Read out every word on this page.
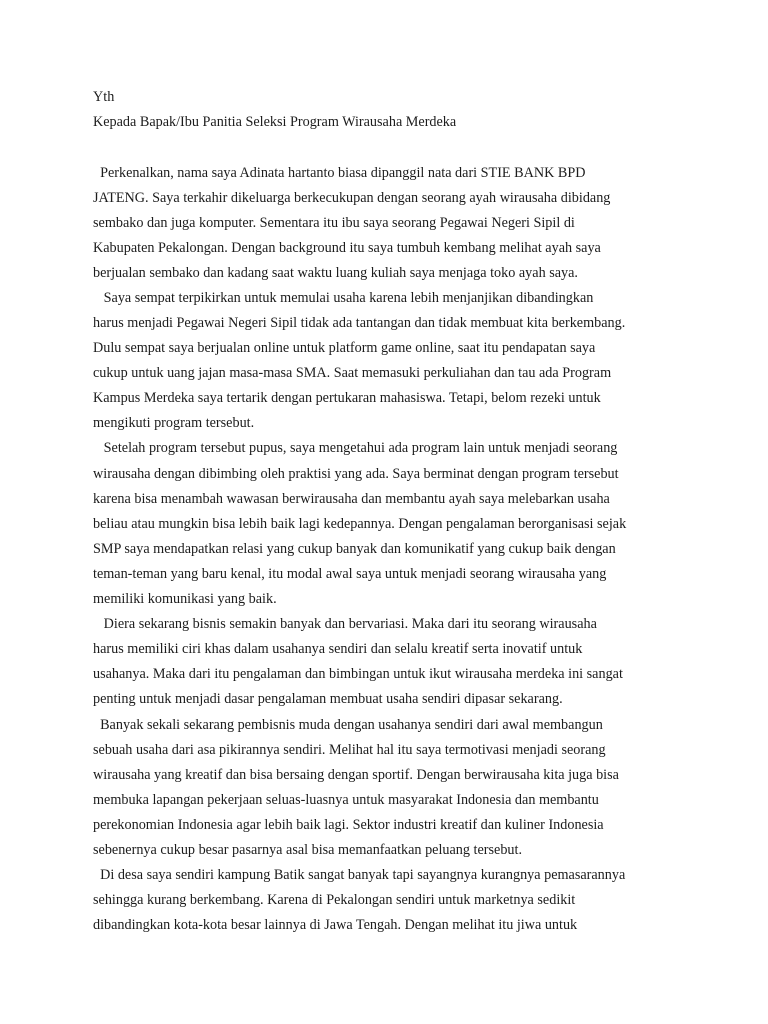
Yth
Kepada Bapak/Ibu Panitia Seleksi Program Wirausaha Merdeka
Perkenalkan, nama saya Adinata hartanto biasa dipanggil nata dari STIE BANK BPD
JATENG. Saya terkahir dikeluarga berkecukupan dengan seorang ayah wirausaha dibidang
sembako dan juga komputer. Sementara itu ibu saya seorang Pegawai Negeri Sipil di
Kabupaten Pekalongan. Dengan background itu saya tumbuh kembang melihat ayah saya
berjualan sembako dan kadang saat waktu luang kuliah saya menjaga toko ayah saya.
Saya sempat terpikirkan untuk memulai usaha karena lebih menjanjikan dibandingkan
harus menjadi Pegawai Negeri Sipil tidak ada tantangan dan tidak membuat kita berkembang.
Dulu sempat saya berjualan online untuk platform game online, saat itu pendapatan saya
cukup untuk uang jajan masa-masa SMA. Saat memasuki perkuliahan dan tau ada Program
Kampus Merdeka saya tertarik dengan pertukaran mahasiswa. Tetapi, belom rezeki untuk
mengikuti program tersebut.
Setelah program tersebut pupus, saya mengetahui ada program lain untuk menjadi seorang
wirausaha dengan dibimbing oleh praktisi yang ada. Saya berminat dengan program tersebut
karena bisa menambah wawasan berwirausaha dan membantu ayah saya melebarkan usaha
beliau atau mungkin bisa lebih baik lagi kedepannya. Dengan pengalaman berorganisasi sejak
SMP saya mendapatkan relasi yang cukup banyak dan komunikatif yang cukup baik dengan
teman-teman yang baru kenal, itu modal awal saya untuk menjadi seorang wirausaha yang
memiliki komunikasi yang baik.
Diera sekarang bisnis semakin banyak dan bervariasi. Maka dari itu seorang wirausaha
harus memiliki ciri khas dalam usahanya sendiri dan selalu kreatif serta inovatif untuk
usahanya. Maka dari itu pengalaman dan bimbingan untuk ikut wirausaha merdeka ini sangat
penting untuk menjadi dasar pengalaman membuat usaha sendiri dipasar sekarang.
Banyak sekali sekarang pembisnis muda dengan usahanya sendiri dari awal membangun
sebuah usaha dari asa pikirannya sendiri. Melihat hal itu saya termotivasi menjadi seorang
wirausaha yang kreatif dan bisa bersaing dengan sportif. Dengan berwirausaha kita juga bisa
membuka lapangan pekerjaan seluas-luasnya untuk masyarakat Indonesia dan membantu
perekonomian Indonesia agar lebih baik lagi. Sektor industri kreatif dan kuliner Indonesia
sebenernya cukup besar pasarnya asal bisa memanfaatkan peluang tersebut.
Di desa saya sendiri kampung Batik sangat banyak tapi sayangnya kurangnya pemasarannya
sehingga kurang berkembang. Karena di Pekalongan sendiri untuk marketnya sedikit
dibandingkan kota-kota besar lainnya di Jawa Tengah. Dengan melihat itu jiwa untuk
